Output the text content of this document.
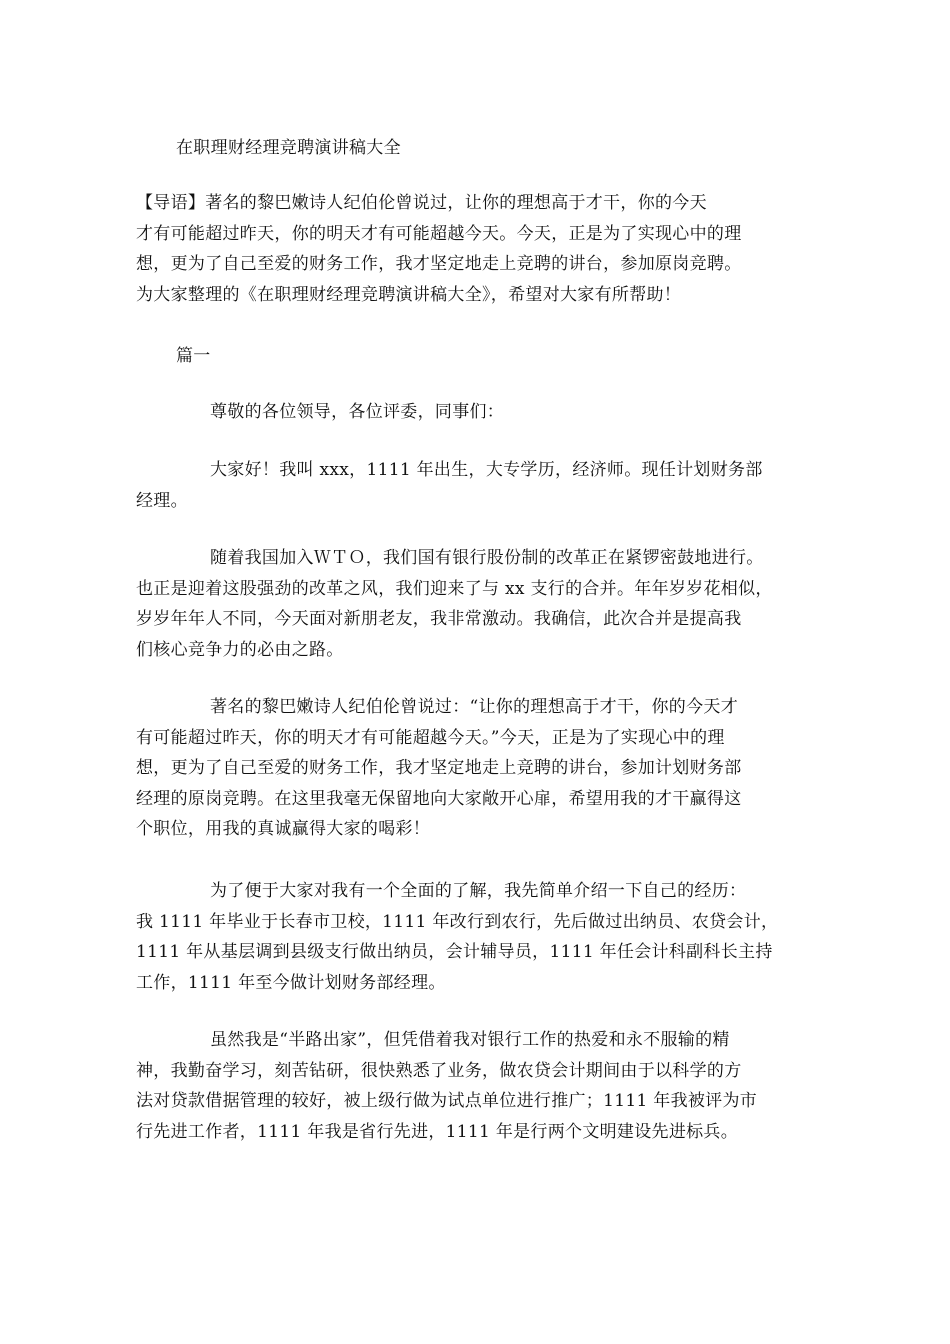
在职理财经理竞聘演讲稿大全
【导语】著名的黎巴嫩诗人纪伯伦曾说过，让你的理想高于才干，你的今天
才有可能超过昨天，你的明天才有可能超越今天。今天，正是为了实现心中的理
想，更为了自己至爱的财务工作，我才坚定地走上竞聘的讲台，参加原岗竞聘。
为大家整理的《在职理财经理竞聘演讲稿大全》，希望对大家有所帮助！
篇一
尊敬的各位领导，各位评委，同事们：
大家好！我叫 xxx，1111 年出生，大专学历，经济师。现任计划财务部
经理。
随着我国加入ＷＴＯ，我们国有银行股份制的改革正在紧锣密鼓地进行。
也正是迎着这股强劲的改革之风，我们迎来了与 xx 支行的合并。年年岁岁花相似，
岁岁年年人不同，今天面对新朋老友，我非常激动。我确信，此次合并是提高我
们核心竞争力的必由之路。
著名的黎巴嫩诗人纪伯伦曾说过：“让你的理想高于才干，你的今天才
有可能超过昨天，你的明天才有可能超越今天。”今天，正是为了实现心中的理
想，更为了自己至爱的财务工作，我才坚定地走上竞聘的讲台，参加计划财务部
经理的原岗竞聘。在这里我毫无保留地向大家敞开心扉，希望用我的才干赢得这
个职位，用我的真诚赢得大家的喝彩！
为了便于大家对我有一个全面的了解，我先简单介绍一下自己的经历：
我 1111 年毕业于长春市卫校，1111 年改行到农行，先后做过出纳员、农贷会计，
1111 年从基层调到县级支行做出纳员，会计辅导员，1111 年任会计科副科长主持
工作，1111 年至今做计划财务部经理。
虽然我是“半路出家”，但凭借着我对银行工作的热爱和永不服输的精
神，我勤奋学习，刻苦钻研，很快熟悉了业务，做农贷会计期间由于以科学的方
法对贷款借据管理的较好，被上级行做为试点单位进行推广；1111 年我被评为市
行先进工作者，1111 年我是省行先进，1111 年是行两个文明建设先进标兵。
